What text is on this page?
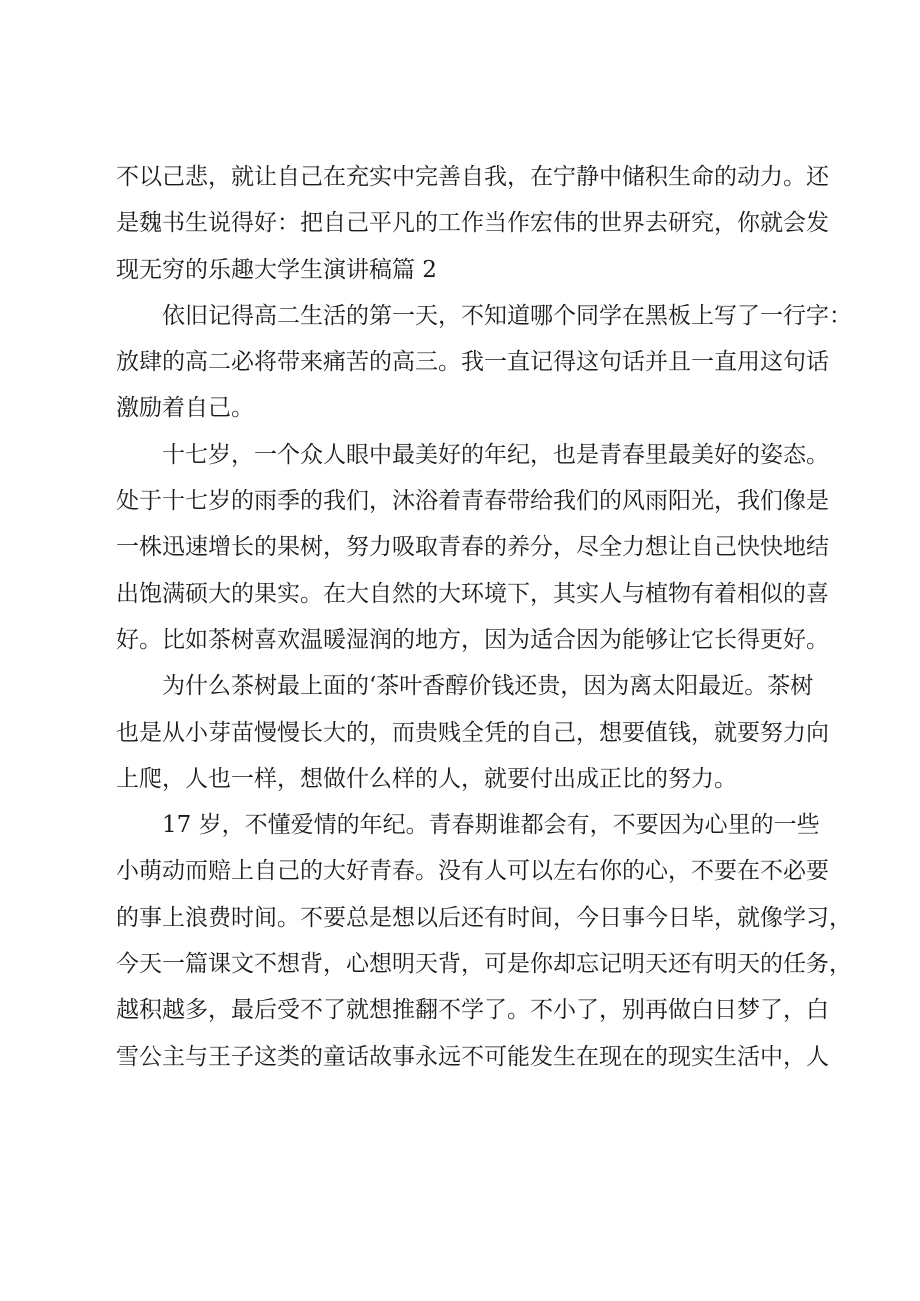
不以己悲，就让自己在充实中完善自我，在宁静中储积生命的动力。还
是魏书生说得好：把自己平凡的工作当作宏伟的世界去研究，你就会发
现无穷的乐趣大学生演讲稿篇 2
依旧记得高二生活的第一天，不知道哪个同学在黑板上写了一行字：
放肆的高二必将带来痛苦的高三。我一直记得这句话并且一直用这句话
激励着自己。
十七岁，一个众人眼中最美好的年纪，也是青春里最美好的姿态。
处于十七岁的雨季的我们，沐浴着青春带给我们的风雨阳光，我们像是
一株迅速增长的果树，努力吸取青春的养分，尽全力想让自己快快地结
出饱满硕大的果实。在大自然的大环境下，其实人与植物有着相似的喜
好。比如茶树喜欢温暖湿润的地方，因为适合因为能够让它长得更好。
为什么茶树最上面的‘茶叶香醇价钱还贵，因为离太阳最近。茶树
也是从小芽苗慢慢长大的，而贵贱全凭的自己，想要值钱，就要努力向
上爬，人也一样，想做什么样的人，就要付出成正比的努力。
17 岁，不懂爱情的年纪。青春期谁都会有，不要因为心里的一些
小萌动而赔上自己的大好青春。没有人可以左右你的心，不要在不必要
的事上浪费时间。不要总是想以后还有时间，今日事今日毕，就像学习，
今天一篇课文不想背，心想明天背，可是你却忘记明天还有明天的任务，
越积越多，最后受不了就想推翻不学了。不小了，别再做白日梦了，白
雪公主与王子这类的童话故事永远不可能发生在现在的现实生活中，人
